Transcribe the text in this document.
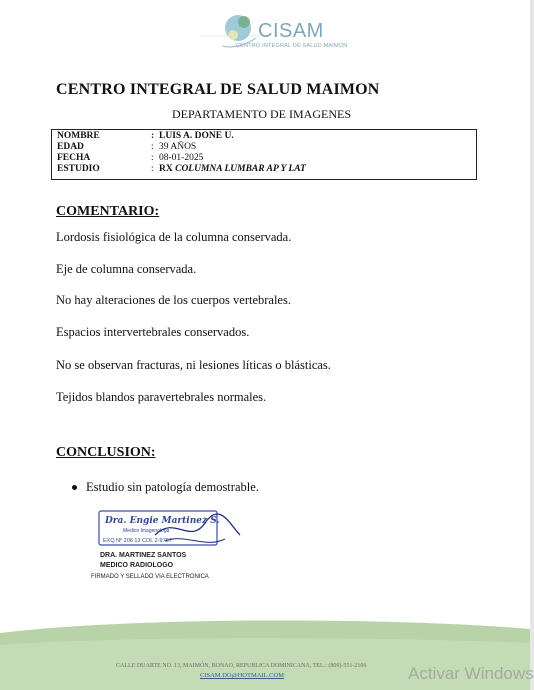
CISAM
CENTRO INTEGRAL DE SALUD MAIMON
CENTRO INTEGRAL DE SALUD MAIMON
DEPARTAMENTO DE IMAGENES
NOMBRE	: LUIS A. DONE U.
EDAD	: 39 AÑOS
FECHA	: 08-01-2025
ESTUDIO	: RX COLUMNA LUMBAR AP Y LAT
COMENTARIO:
Lordosis fisiológica de la columna conservada.
Eje de columna conservada.
No hay alteraciones de los cuerpos vertebrales.
Espacios intervertebrales conservados.
No se observan fracturas, ni lesiones líticas o blásticas.
Tejidos blandos paravertebrales normales.
CONCLUSION:
Estudio sin patología demostrable.
Dra. Engie Martinez S.
Medico Imagenologa
EXQ Nº 206 13 COL 2-9757
DRA. MARTINEZ SANTOS
MEDICO RADIOLOGO
FIRMADO Y SELLADO VIA ELECTRONICA
CALLE DUARTE NO. 13, MAIMÓN, BONAO, REPUBLICA DOMINICANA, TEL.: (809)-551-2106
CISAM.DO@HOTMAIL.COM	Activar Windows
